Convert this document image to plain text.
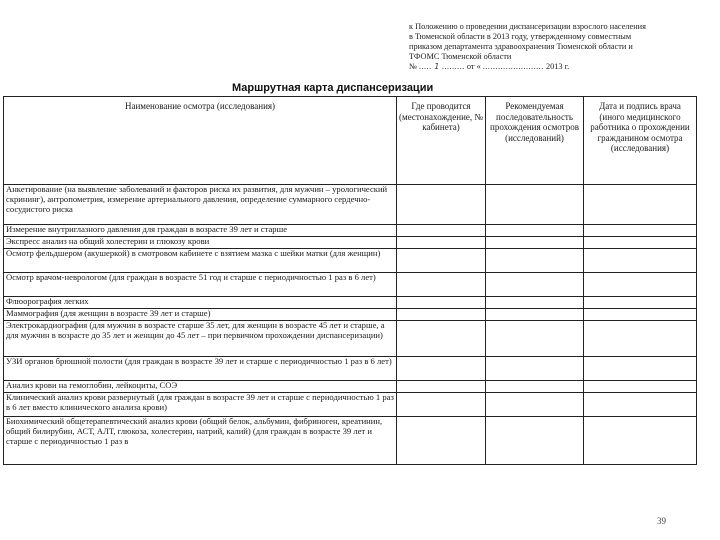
к Положению о проведении диспансеризации взрослого населения
в Тюменской области в 2013 году, утвержденному совместным
приказом департамента здравоохранения Тюменской области и
ТФОМС Тюменской области
№ ..... 1 ......... от « ........................ 2013 г.
Маршрутная карта диспансеризации
Наименование осмотра (исследования)	Где проводится (местонахождение, № кабинета)	Рекомендуемая последовательность прохождения осмотров (исследований)	Дата и подпись врача (иного медицинского работника о прохождении гражданином осмотра (исследования)
Анкетирование (на выявление заболеваний и факторов риска их развития, для мужчин – урологический скрининг), антропометрия, измерение артериального давления, определение суммарного сердечно-сосудистого риска			
Измерение внутриглазного давления для граждан в возрасте 39 лет и старше			
Экспресс анализ на общий холестерин и глюкозу крови			
Осмотр фельдшером (акушеркой) в смотровом кабинете с взятием мазка с шейки матки (для женщин)			
Осмотр врачом-неврологом (для граждан в возрасте 51 год и старше с периодичностью 1 раз в 6 лет)			
Флюорография легких			
Маммография (для женщин в возрасте 39 лет и старше)			
Электрокардиография (для мужчин в возрасте старше 35 лет, для женщин в возрасте 45 лет и старше, а для мужчин в возрасте до 35 лет и женщин до 45 лет – при первичном прохождении диспансеризации)			
УЗИ органов брюшной полости (для граждан в возрасте 39 лет и старше с периодичностью 1 раз в 6 лет)			
Анализ крови на гемоглобин, лейкоциты, СОЭ			
Клинический анализ крови развернутый (для граждан в возрасте 39 лет и старше с периодичностью 1 раз в 6 лет вместо клинического анализа крови)			
Биохимический общетерапевтический анализ крови (общий белок, альбумин, фибриноген, креатинин, общий билирубин, АСТ, АЛТ, глюкоза, холестерин, натрий, калий) (для граждан в возрасте 39 лет и старше с периодичностью 1 раз в			
39
